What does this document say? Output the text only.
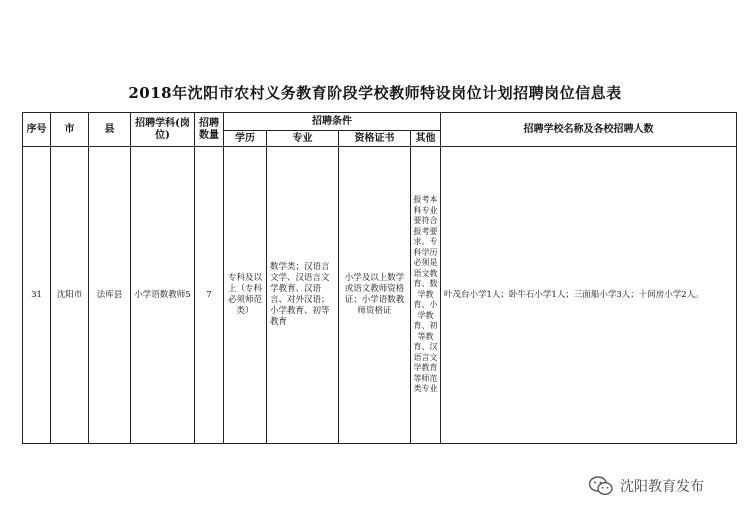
2018年沈阳市农村义务教育阶段学校教师特设岗位计划招聘岗位信息表
序号	市	县	招聘学科(岗位)	招聘数量	招聘条件				招聘学校名称及各校招聘人数
					学历	专业	资格证书	其他	
31	沈阳市	法库县	小学语数教师5	7	专科及以上（专科必须师范类）	数学类；汉语言文学、汉语言文学教育、汉语言、对外汉语；小学教育、初等教育	小学及以上数学或语文教师资格证；小学语数教师资格证	报考本科专业要符合报考要求。专科学历必须是语文教育、数学教育、小学教育、初等教育、汉语言文学教育等师范类专业	叶茂台小学1人；卧牛石小学1人；三面船小学3人；十间房小学2人。
沈阳教育发布
